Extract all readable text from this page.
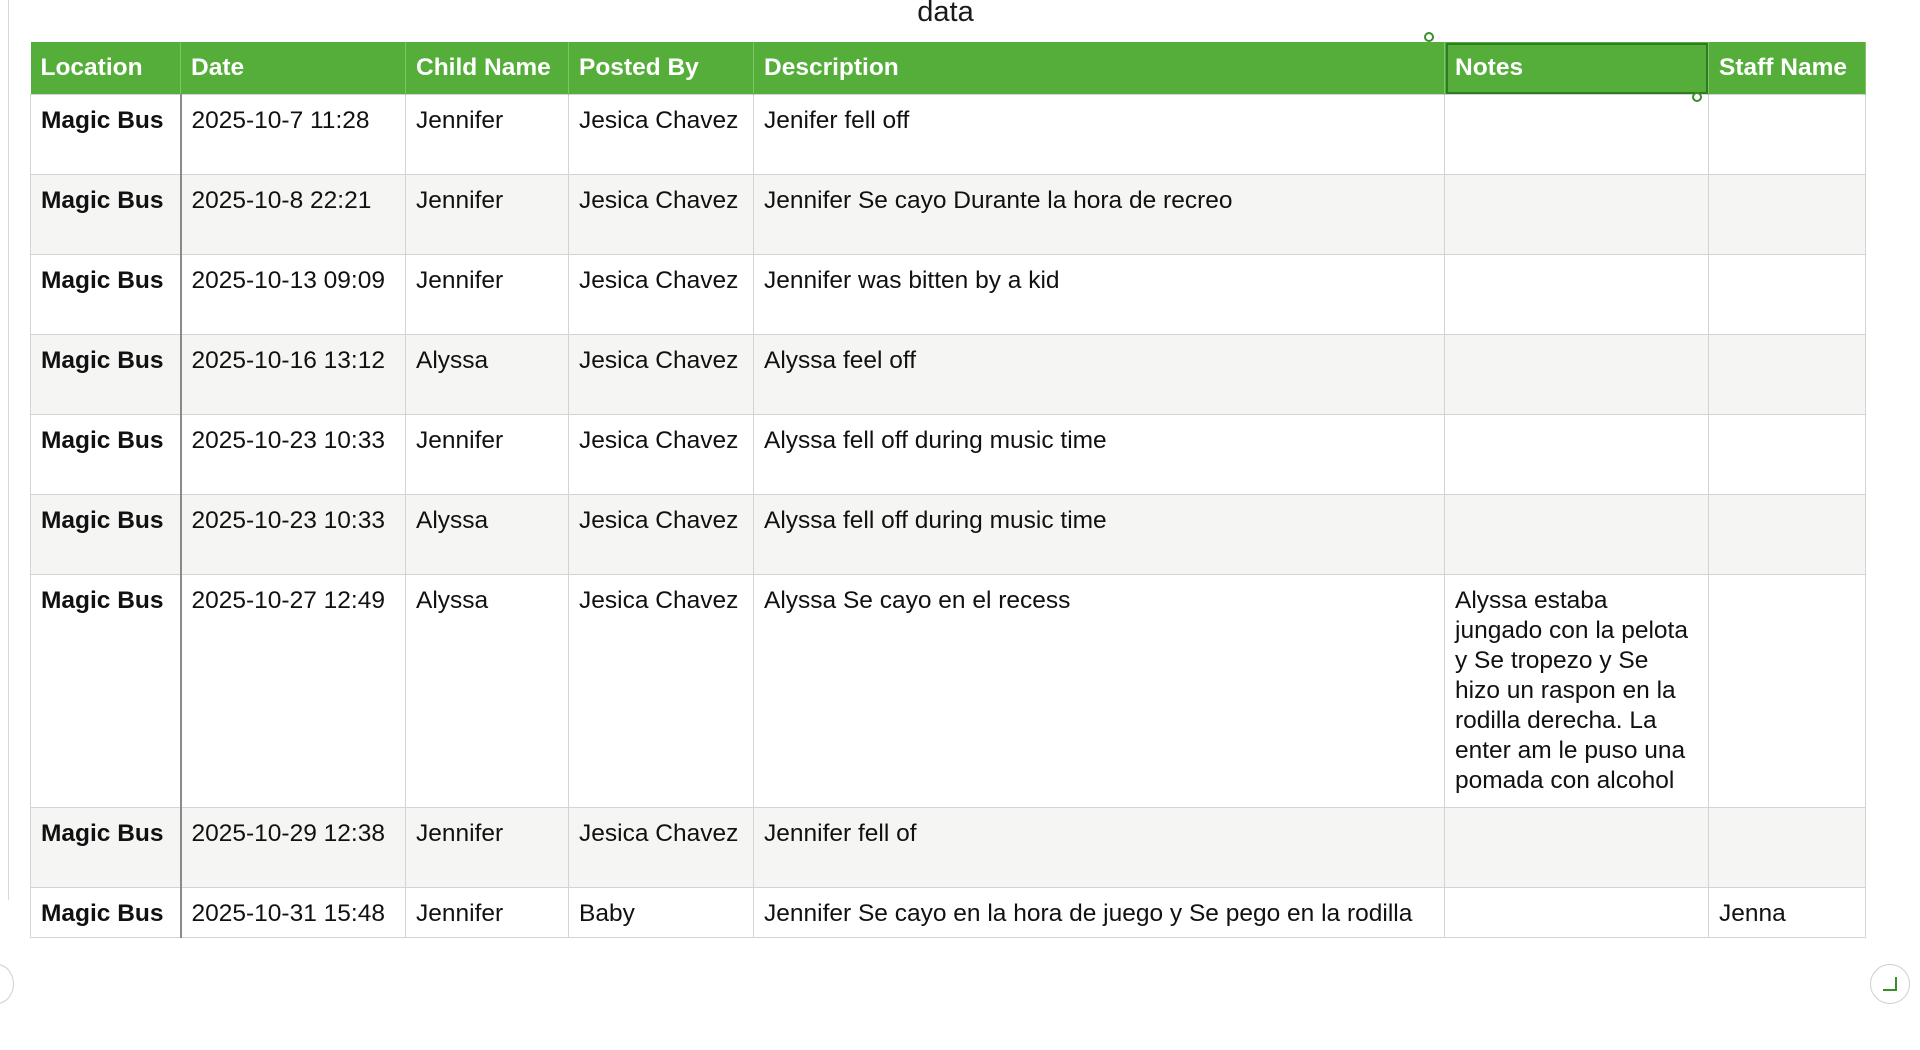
data
Location	Date	Child Name	Posted By	Description	Notes	Staff Name
Magic Bus	2025-10-7 11:28	Jennifer	Jesica Chavez	Jenifer fell off		
Magic Bus	2025-10-8 22:21	Jennifer	Jesica Chavez	Jennifer Se cayo Durante la hora de recreo		
Magic Bus	2025-10-13 09:09	Jennifer	Jesica Chavez	Jennifer was bitten by a kid		
Magic Bus	2025-10-16 13:12	Alyssa	Jesica Chavez	Alyssa feel off		
Magic Bus	2025-10-23 10:33	Jennifer	Jesica Chavez	Alyssa fell off during music time		
Magic Bus	2025-10-23 10:33	Alyssa	Jesica Chavez	Alyssa fell off during music time		
Magic Bus	2025-10-27 12:49	Alyssa	Jesica Chavez	Alyssa Se cayo en el recess	Alyssa estaba jungado con la pelota y Se tropezo y Se hizo un raspon en la rodilla derecha. La enter am le puso una pomada con alcohol	
Magic Bus	2025-10-29 12:38	Jennifer	Jesica Chavez	Jennifer fell of		
Magic Bus	2025-10-31 15:48	Jennifer	Baby	Jennifer Se cayo en la hora de juego y Se pego en la rodilla		Jenna
